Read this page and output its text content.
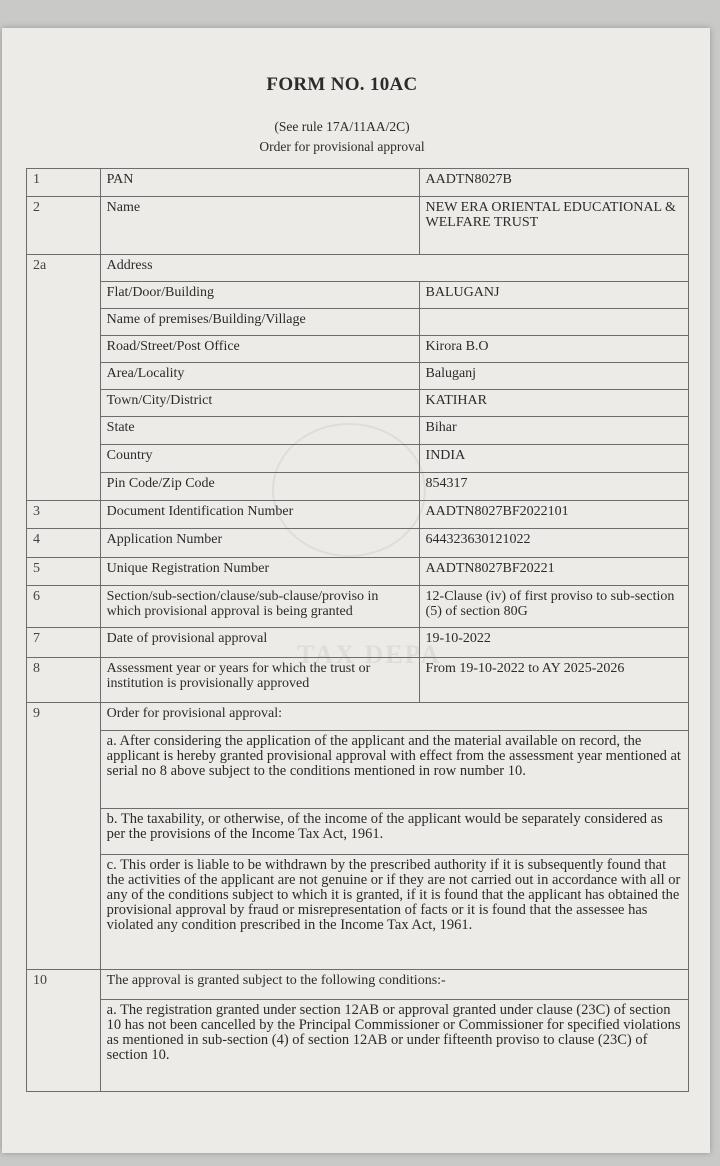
TAX DEPA
FORM NO. 10AC
(See rule 17A/11AA/2C)
Order for provisional approval
1	PAN	AADTN8027B
2	Name	NEW ERA ORIENTAL EDUCATIONAL & WELFARE TRUST
2a	Address	
	Flat/Door/Building	BALUGANJ
	Name of premises/Building/Village	
	Road/Street/Post Office	Kirora B.O
	Area/Locality	Baluganj
	Town/City/District	KATIHAR
	State	Bihar
	Country	INDIA
	Pin Code/Zip Code	854317
3	Document Identification Number	AADTN8027BF2022101
4	Application Number	644323630121022
5	Unique Registration Number	AADTN8027BF20221
6	Section/sub-section/clause/sub-clause/proviso in which provisional approval is being granted	12-Clause (iv) of first proviso to sub-section (5) of section 80G
7	Date of provisional approval	19-10-2022
8	Assessment year or years for which the trust or institution is provisionally approved	From 19-10-2022 to AY 2025-2026
9	Order for provisional approval:	
	a. After considering the application of the applicant and the material available on record, the applicant is hereby granted provisional approval with effect from the assessment year mentioned at serial no 8 above subject to the conditions mentioned in row number 10.	
	b. The taxability, or otherwise, of the income of the applicant would be separately considered as per the provisions of the Income Tax Act, 1961.	
	c. This order is liable to be withdrawn by the prescribed authority if it is subsequently found that the activities of the applicant are not genuine or if they are not carried out in accordance with all or any of the conditions subject to which it is granted, if it is found that the applicant has obtained the provisional approval by fraud or misrepresentation of facts or it is found that the assessee has violated any condition prescribed in the Income Tax Act, 1961.	
10	The approval is granted subject to the following conditions:-	
	a. The registration granted under section 12AB or approval granted under clause (23C) of section 10 has not been cancelled by the Principal Commissioner or Commissioner for specified violations as mentioned in sub-section (4) of section 12AB or under fifteenth proviso to clause (23C) of section 10.	
